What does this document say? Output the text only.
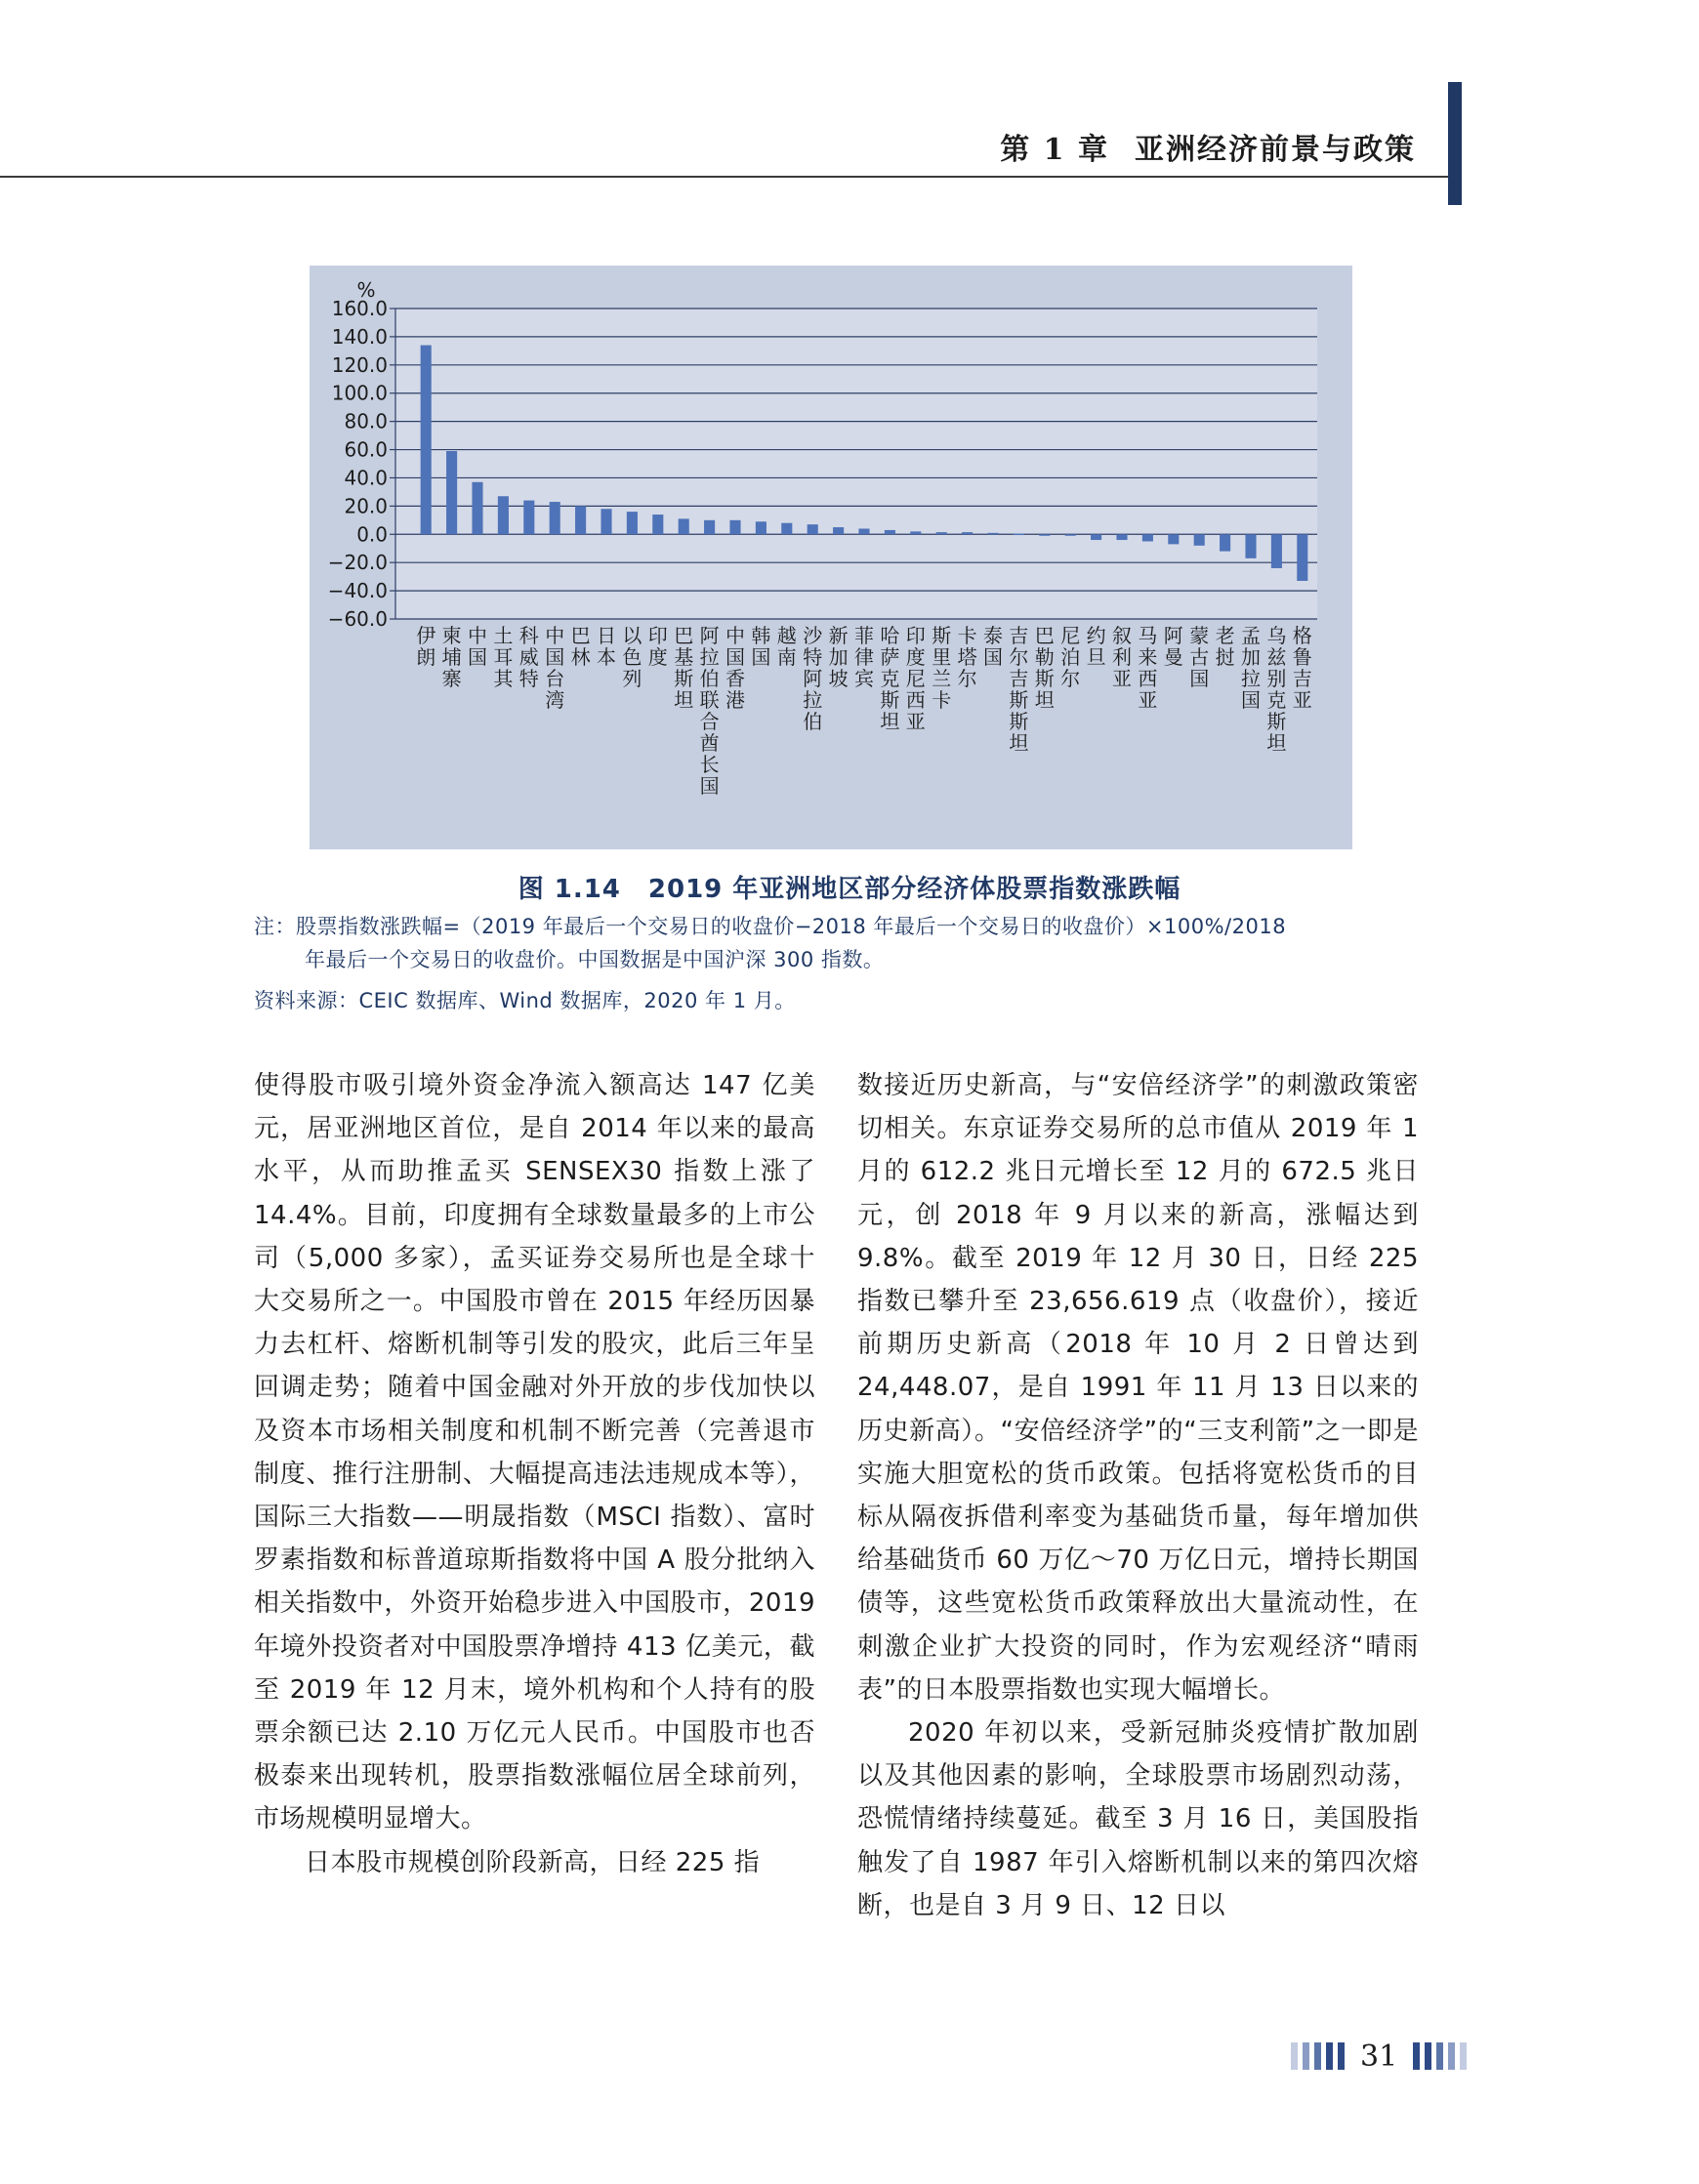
第 1 章 亚洲经济前景与政策
160.0
140.0
120.0
100.0
80.0
60.0
40.0
20.0
0.0
−20.0
−40.0
−60.0
%
伊朗
柬埔寨
中国
土耳其
科威特
中国台湾
巴林
日本
以色列
印度
巴基斯坦
阿拉伯联合酋长国
中国香港
韩国
越南
沙特阿拉伯
新加坡
菲律宾
哈萨克斯坦
印度尼西亚
斯里兰卡
卡塔尔
泰国
吉尔吉斯斯坦
巴勒斯坦
尼泊尔
约旦
叙利亚
马来西亚
阿曼
蒙古国
老挝
孟加拉国
乌兹别克斯坦
格鲁吉亚
图 1.14 2019 年亚洲地区部分经济体股票指数涨跌幅
注：股票指数涨跌幅=（2019 年最后一个交易日的收盘价−2018 年最后一个交易日的收盘价）×100%/2018
年最后一个交易日的收盘价。中国数据是中国沪深 300 指数。
资料来源：CEIC 数据库、Wind 数据库，2020 年 1 月。

使得股市吸引境外资金净流入额高达 147 亿美元，居亚洲地区首位，是自 2014 年以来的最高水平，从而助推孟买 SENSEX30 指数上涨了 14.4%。目前，印度拥有全球数量最多的上市公司（5,000 多家），孟买证券交易所也是全球十大交易所之一。中国股市曾在 2015 年经历因暴力去杠杆、熔断机制等引发的股灾，此后三年呈回调走势；随着中国金融对外开放的步伐加快以及资本市场相关制度和机制不断完善（完善退市制度、推行注册制、大幅提高违法违规成本等），国际三大指数——明晟指数（MSCI 指数）、富时罗素指数和标普道琼斯指数将中国 A 股分批纳入相关指数中，外资开始稳步进入中国股市，2019 年境外投资者对中国股票净增持 413 亿美元，截至 2019 年 12 月末，境外机构和个人持有的股票余额已达 2.10 万亿元人民币。中国股市也否极泰来出现转机，股票指数涨幅位居全球前列，市场规模明显增大。

日本股市规模创阶段新高，日经 225 指

数接近历史新高，与“安倍经济学”的刺激政策密切相关。东京证券交易所的总市值从 2019 年 1 月的 612.2 兆日元增长至 12 月的 672.5 兆日元，创 2018 年 9 月以来的新高，涨幅达到 9.8%。截至 2019 年 12 月 30 日，日经 225 指数已攀升至 23,656.619 点（收盘价），接近前期历史新高（2018 年 10 月 2 日曾达到 24,448.07，是自 1991 年 11 月 13 日以来的历史新高）。“安倍经济学”的“三支利箭”之一即是实施大胆宽松的货币政策。包括将宽松货币的目标从隔夜拆借利率变为基础货币量，每年增加供给基础货币 60 万亿～70 万亿日元，增持长期国债等，这些宽松货币政策释放出大量流动性，在刺激企业扩大投资的同时，作为宏观经济“晴雨表”的日本股票指数也实现大幅增长。

2020 年初以来，受新冠肺炎疫情扩散加剧以及其他因素的影响，全球股票市场剧烈动荡，恐慌情绪持续蔓延。截至 3 月 16 日，美国股指触发了自 1987 年引入熔断机制以来的第四次熔断，也是自 3 月 9 日、12 日以

31
